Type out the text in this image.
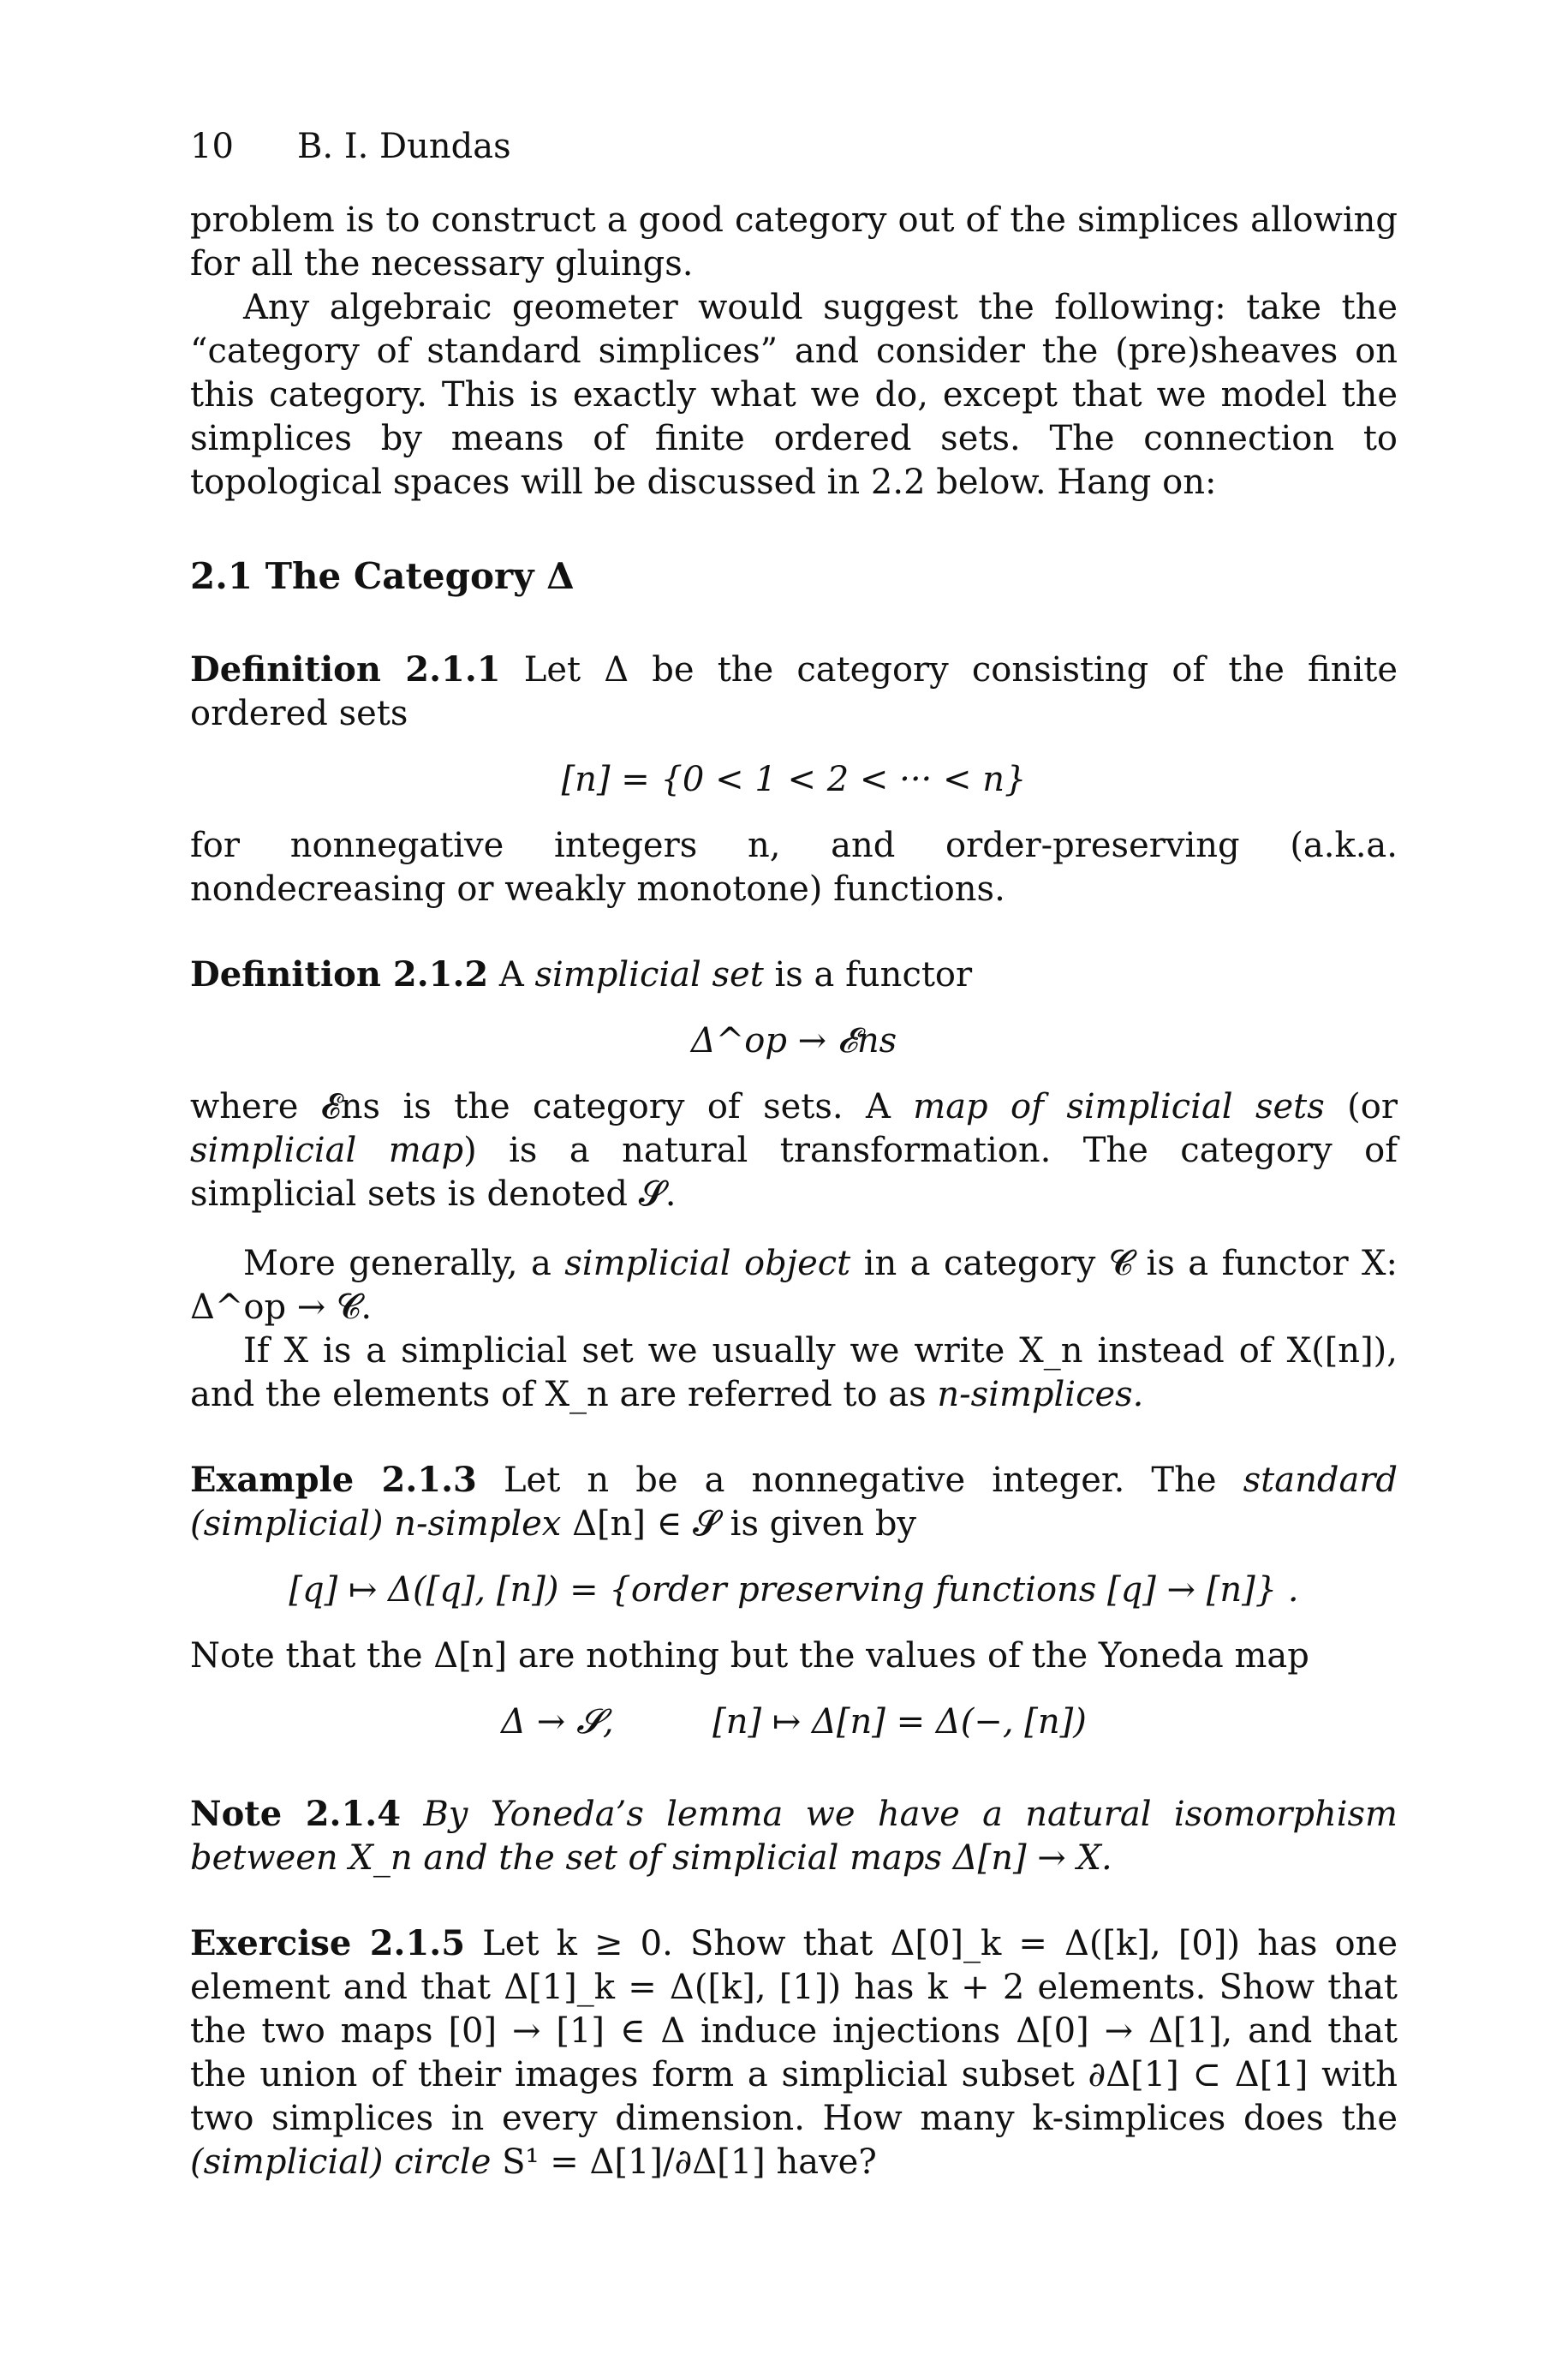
10 B. I. Dundas

problem is to construct a good category out of the simplices allowing for all the necessary gluings.

Any algebraic geometer would suggest the following: take the “category of standard simplices” and consider the (pre)sheaves on this category. This is exactly what we do, except that we model the simplices by means of finite ordered sets. The connection to topological spaces will be discussed in 2.2 below. Hang on:

2.1 The Category Δ

Definition 2.1.1 Let Δ be the category consisting of the finite ordered sets

[n] = {0 < 1 < 2 < ··· < n}

for nonnegative integers n, and order-preserving (a.k.a. nondecreasing or weakly monotone) functions.

Definition 2.1.2 A simplicial set is a functor

Δ^op → 𝓔ns

where 𝓔ns is the category of sets. A map of simplicial sets (or simplicial map) is a natural transformation. The category of simplicial sets is denoted 𝓢.

More generally, a simplicial object in a category 𝓒 is a functor X: Δ^op → 𝓒.

If X is a simplicial set we usually we write X_n instead of X([n]), and the elements of X_n are referred to as n-simplices.

Example 2.1.3 Let n be a nonnegative integer. The standard (simplicial) n-simplex Δ[n] ∈ 𝓢 is given by

[q] ↦ Δ([q], [n]) = {order preserving functions [q] → [n]} .

Note that the Δ[n] are nothing but the values of the Yoneda map

Δ → 𝓢,	[n] ↦ Δ[n] = Δ(−, [n])

Note 2.1.4 By Yoneda’s lemma we have a natural isomorphism between X_n and the set of simplicial maps Δ[n] → X.

Exercise 2.1.5 Let k ≥ 0. Show that Δ[0]_k = Δ([k], [0]) has one element and that Δ[1]_k = Δ([k], [1]) has k + 2 elements. Show that the two maps [0] → [1] ∈ Δ induce injections Δ[0] → Δ[1], and that the union of their images form a simplicial subset ∂Δ[1] ⊂ Δ[1] with two simplices in every dimension. How many k-simplices does the (simplicial) circle S¹ = Δ[1]/∂Δ[1] have?
